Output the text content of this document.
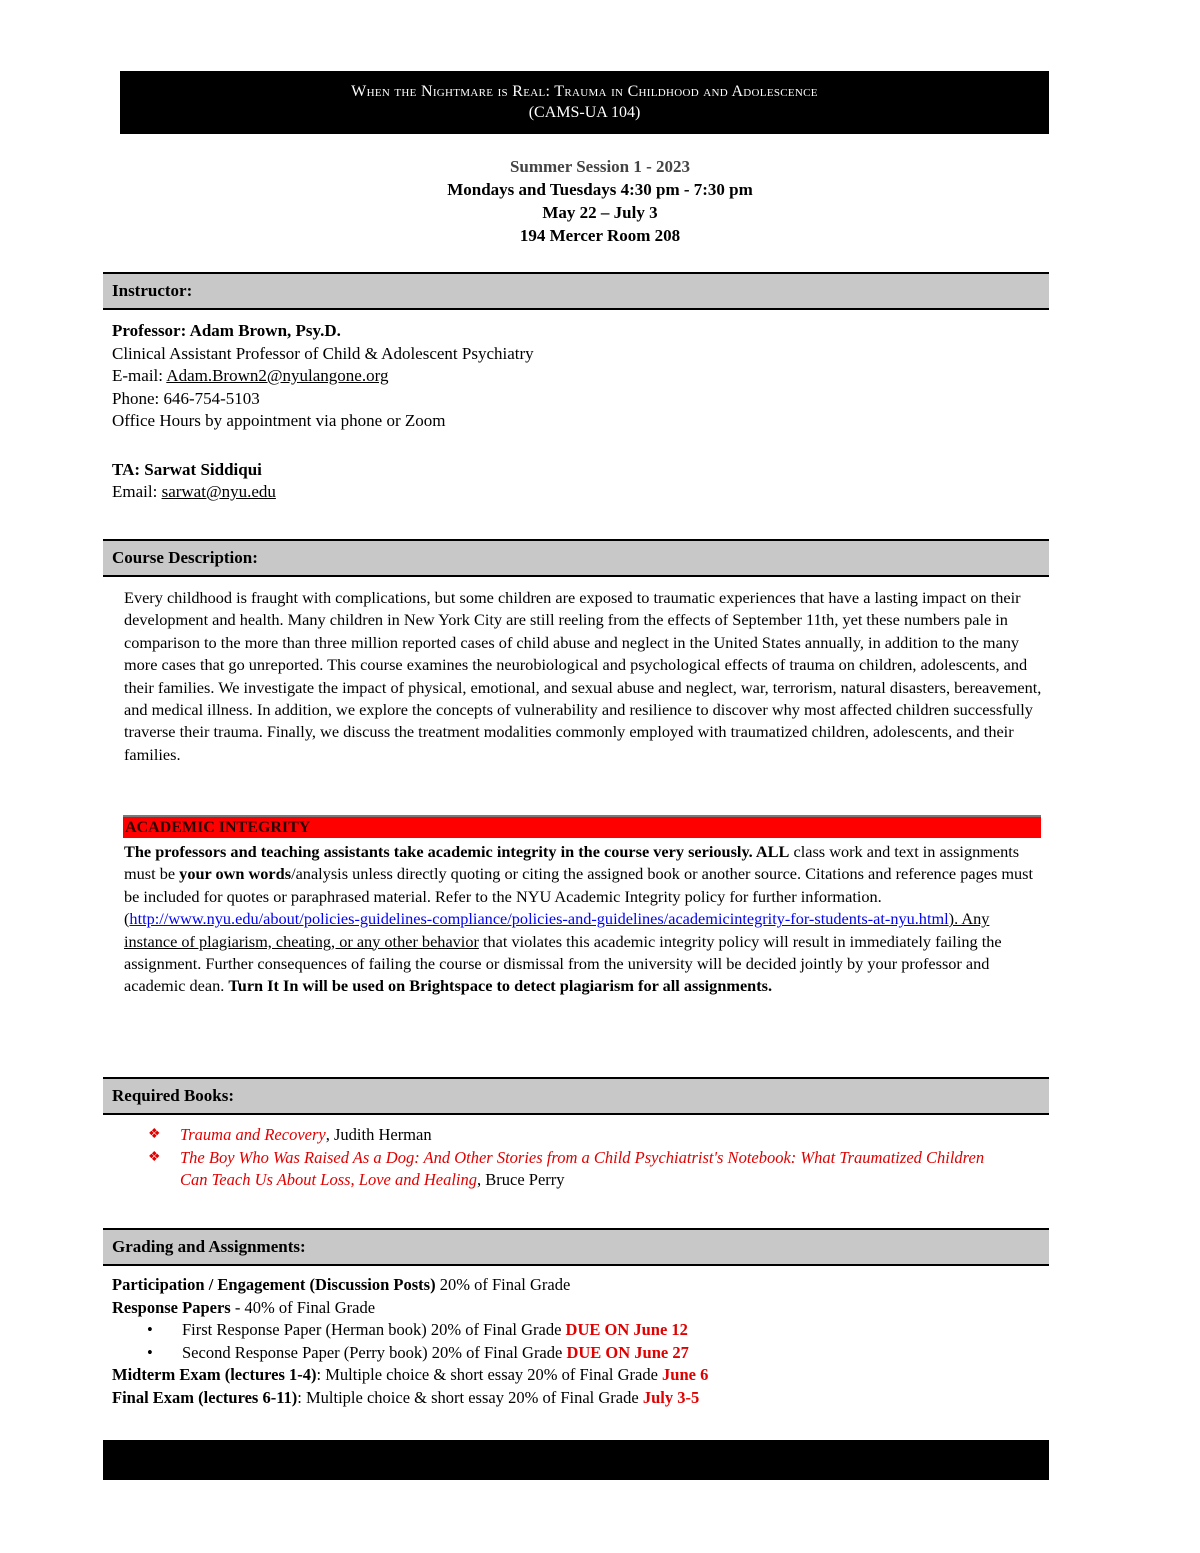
When the Nightmare is Real: Trauma in Childhood and Adolescence
(CAMS-UA 104)
Summer Session 1 - 2023
Mondays and Tuesdays 4:30 pm - 7:30 pm
May 22 – July 3
194 Mercer Room 208
Instructor:

Professor: Adam Brown, Psy.D.

Clinical Assistant Professor of Child & Adolescent Psychiatry

E-mail: Adam.Brown2@nyulangone.org

Phone: 646-754-5103

Office Hours by appointment via phone or Zoom

TA: Sarwat Siddiqui

Email: sarwat@nyu.edu

Course Description:
Every childhood is fraught with complications, but some children are exposed to traumatic experiences that have a lasting impact on their development and health. Many children in New York City are still reeling from the effects of September 11th, yet these numbers pale in comparison to the more than three million reported cases of child abuse and neglect in the United States annually, in addition to the many more cases that go unreported. This course examines the neurobiological and psychological effects of trauma on children, adolescents, and their families. We investigate the impact of physical, emotional, and sexual abuse and neglect, war, terrorism, natural disasters, bereavement, and medical illness. In addition, we explore the concepts of vulnerability and resilience to discover why most affected children successfully traverse their trauma. Finally, we discuss the treatment modalities commonly employed with traumatized children, adolescents, and their families.
ACADEMIC INTEGRITY
The professors and teaching assistants take academic integrity in the course very seriously. ALL class work and text in assignments must be your own words/analysis unless directly quoting or citing the assigned book or another source. Citations and reference pages must be included for quotes or paraphrased material. Refer to the NYU Academic Integrity policy for further information. (http://www.nyu.edu/about/policies-guidelines-compliance/policies-and-guidelines/academicintegrity-for-students-at-nyu.html). Any instance of plagiarism, cheating, or any other behavior that violates this academic integrity policy will result in immediately failing the assignment. Further consequences of failing the course or dismissal from the university will be decided jointly by your professor and academic dean. Turn It In will be used on Brightspace to detect plagiarism for all assignments.
Required Books:
❖ Trauma and Recovery, Judith Herman
❖ The Boy Who Was Raised As a Dog: And Other Stories from a Child Psychiatrist's Notebook: What Traumatized Children Can Teach Us About Loss, Love and Healing, Bruce Perry
Grading and Assignments:
Participation / Engagement (Discussion Posts) 20% of Final Grade
Response Papers - 40% of Final Grade
• First Response Paper (Herman book) 20% of Final Grade DUE ON June 12
• Second Response Paper (Perry book) 20% of Final Grade DUE ON June 27
Midterm Exam (lectures 1-4): Multiple choice & short essay 20% of Final Grade June 6
Final Exam (lectures 6-11): Multiple choice & short essay 20% of Final Grade July 3-5
